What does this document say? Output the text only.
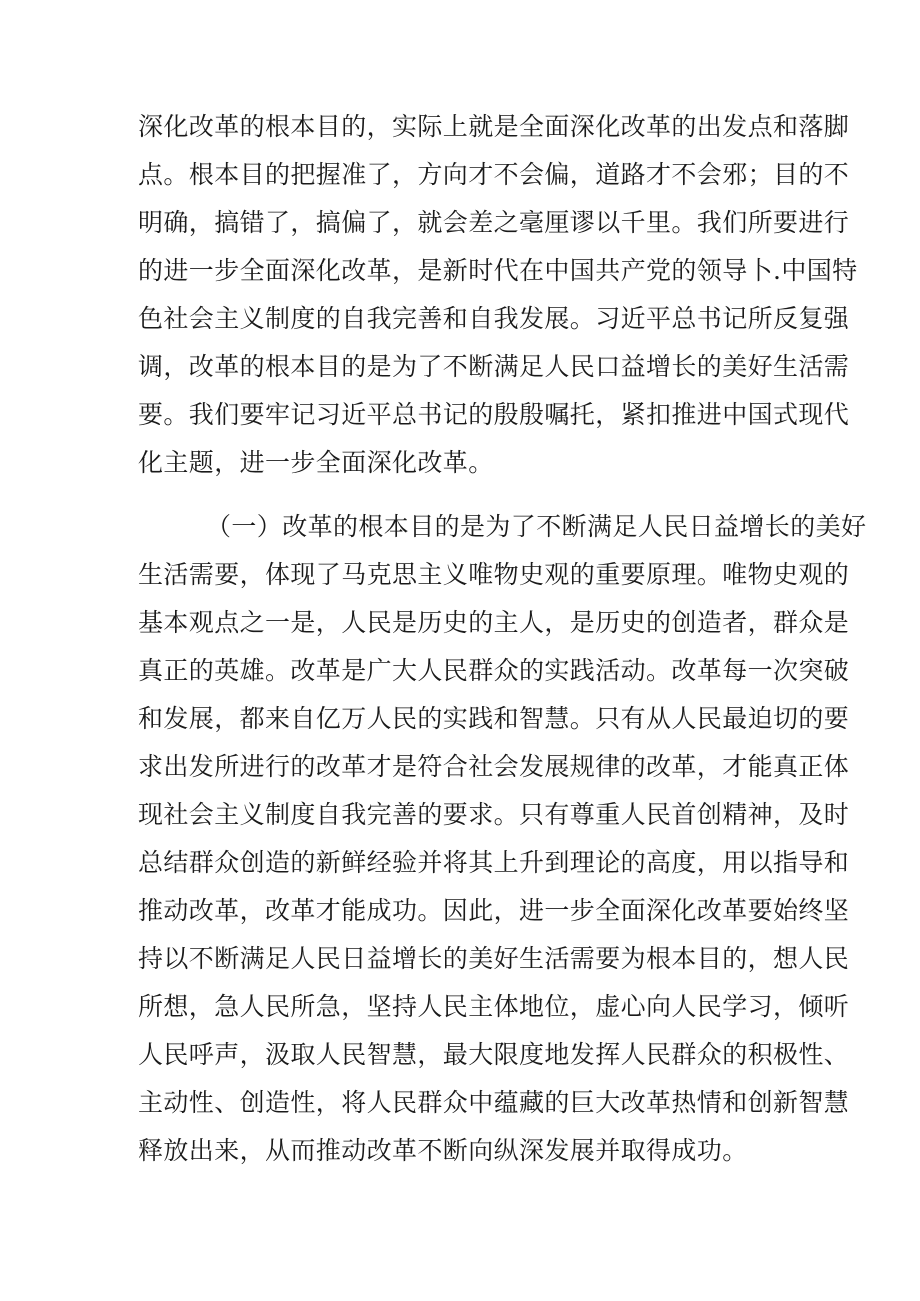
深化改革的根本目的，实际上就是全面深化改革的出发点和落脚
点。根本目的把握准了，方向才不会偏，道路才不会邪；目的不
明确，搞错了，搞偏了，就会差之毫厘谬以千里。我们所要进行
的进一步全面深化改革，是新时代在中国共产党的领导卜.中国特
色社会主义制度的自我完善和自我发展。习近平总书记所反复强
调，改革的根本目的是为了不断满足人民口益增长的美好生活需
要。我们要牢记习近平总书记的殷殷嘱托，紧扣推进中国式现代
化主题，进一步全面深化改革。
（一）改革的根本目的是为了不断满足人民日益增长的美好
生活需要，体现了马克思主义唯物史观的重要原理。唯物史观的
基本观点之一是，人民是历史的主人，是历史的创造者，群众是
真正的英雄。改革是广大人民群众的实践活动。改革每一次突破
和发展，都来自亿万人民的实践和智慧。只有从人民最迫切的要
求出发所进行的改革才是符合社会发展规律的改革，才能真正体
现社会主义制度自我完善的要求。只有尊重人民首创精神，及时
总结群众创造的新鲜经验并将其上升到理论的高度，用以指导和
推动改革，改革才能成功。因此，进一步全面深化改革要始终坚
持以不断满足人民日益增长的美好生活需要为根本目的，想人民
所想，急人民所急，坚持人民主体地位，虚心向人民学习，倾听
人民呼声，汲取人民智慧，最大限度地发挥人民群众的积极性、
主动性、创造性，将人民群众中蕴藏的巨大改革热情和创新智慧
释放出来，从而推动改革不断向纵深发展并取得成功。
